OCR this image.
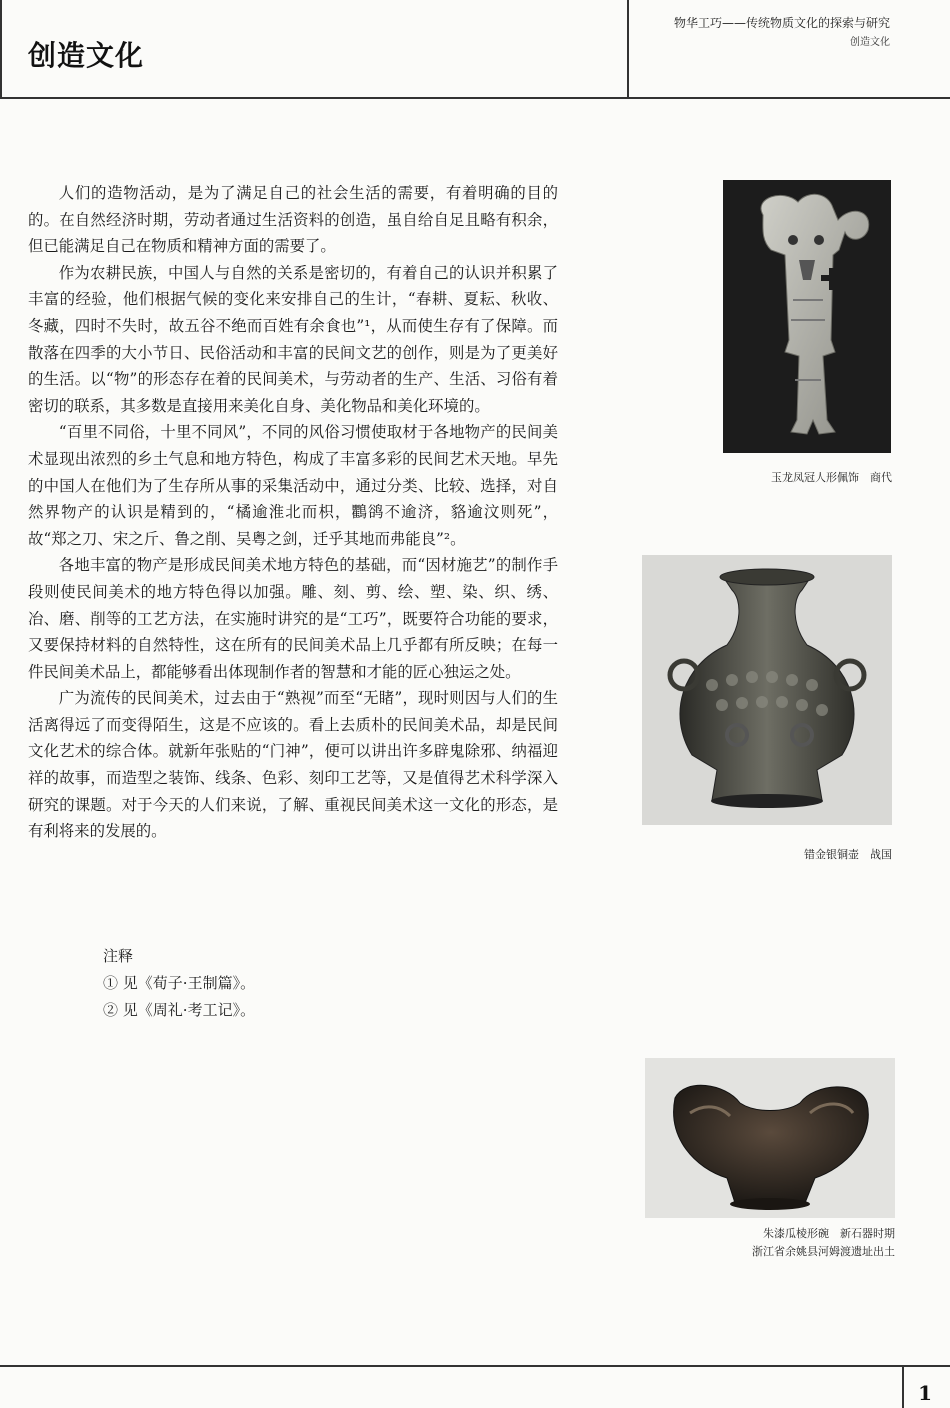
创造文化
物华工巧——传统物质文化的探索与研究
创造文化

人们的造物活动，是为了满足自己的社会生活的需要，有着明确的目的的。在自然经济时期，劳动者通过生活资料的创造，虽自给自足且略有积余，但已能满足自己在物质和精神方面的需要了。

作为农耕民族，中国人与自然的关系是密切的，有着自己的认识并积累了丰富的经验，他们根据气候的变化来安排自己的生计，“春耕、夏耘、秋收、冬藏，四时不失时，故五谷不绝而百姓有余食也”¹，从而使生存有了保障。而散落在四季的大小节日、民俗活动和丰富的民间文艺的创作，则是为了更美好的生活。以“物”的形态存在着的民间美术，与劳动者的生产、生活、习俗有着密切的联系，其多数是直接用来美化自身、美化物品和美化环境的。

“百里不同俗，十里不同风”，不同的风俗习惯使取材于各地物产的民间美术显现出浓烈的乡土气息和地方特色，构成了丰富多彩的民间艺术天地。早先的中国人在他们为了生存所从事的采集活动中，通过分类、比较、选择，对自然界物产的认识是精到的，“橘逾淮北而枳，鸜鹆不逾济，貉逾汶则死”，故“郑之刀、宋之斤、鲁之削、吴粤之剑，迁乎其地而弗能良”²。

各地丰富的物产是形成民间美术地方特色的基础，而“因材施艺”的制作手段则使民间美术的地方特色得以加强。雕、刻、剪、绘、塑、染、织、绣、冶、磨、削等的工艺方法，在实施时讲究的是“工巧”，既要符合功能的要求，又要保持材料的自然特性，这在所有的民间美术品上几乎都有所反映；在每一件民间美术品上，都能够看出体现制作者的智慧和才能的匠心独运之处。

广为流传的民间美术，过去由于“熟视”而至“无睹”，现时则因与人们的生活离得远了而变得陌生，这是不应该的。看上去质朴的民间美术品，却是民间文化艺术的综合体。就新年张贴的“门神”，便可以讲出许多辟鬼除邪、纳福迎祥的故事，而造型之装饰、线条、色彩、刻印工艺等，又是值得艺术科学深入研究的课题。对于今天的人们来说，了解、重视民间美术这一文化的形态，是有利将来的发展的。

注释
① 见《荀子·王制篇》。
② 见《周礼·考工记》。
玉龙凤冠人形佩饰　商代
错金银铜壶　战国
朱漆瓜棱形碗　新石器时期
浙江省余姚县河姆渡遗址出土
1
